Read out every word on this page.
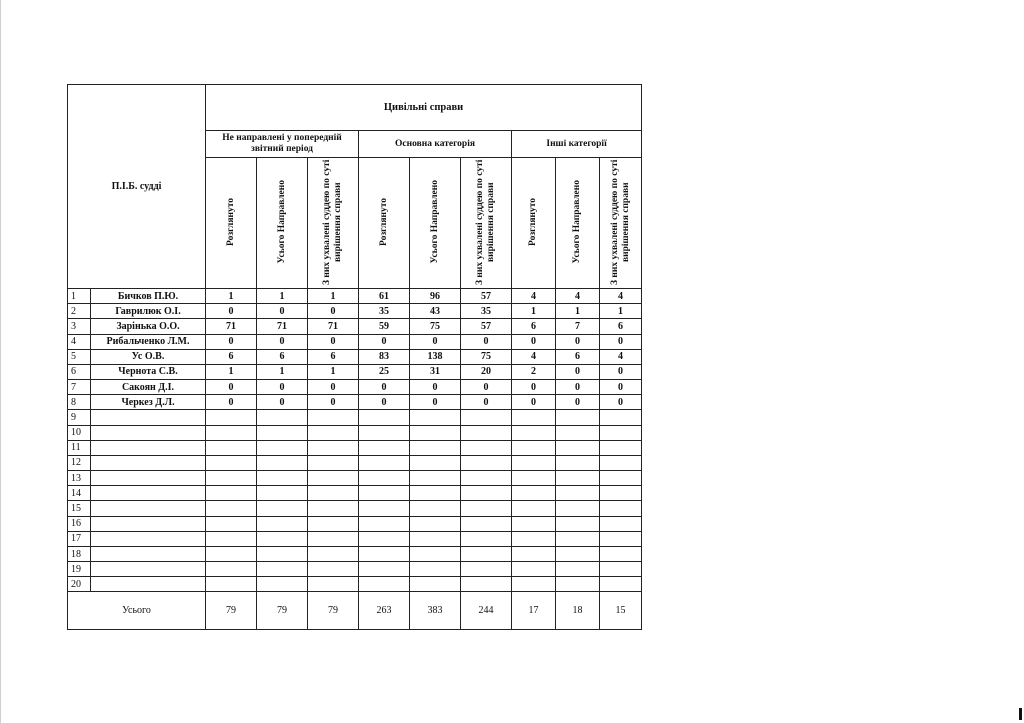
П.І.Б. судді		Цивільні справи								
		Не направлені у попередній звітний період			Основна категорія			Інші категорії		
		Розглянуто	Усього Направлено	З них ухвалені суддею по суті вирішення справи	Розглянуто	Усього Направлено	З них ухвалені суддею по суті вирішення справи	Розглянуто	Усього Направлено	З них ухвалені суддею по суті вирішення справи
1	Бичков П.Ю.	1	1	1	61	96	57	4	4	4
2	Гаврилюк О.І.	0	0	0	35	43	35	1	1	1
3	Зарінька О.О.	71	71	71	59	75	57	6	7	6
4	Рибальченко Л.М.	0	0	0	0	0	0	0	0	0
5	Ус О.В.	6	6	6	83	138	75	4	6	4
6	Чернота С.В.	1	1	1	25	31	20	2	0	0
7	Сакоян Д.І.	0	0	0	0	0	0	0	0	0
8	Черкез Д.Л.	0	0	0	0	0	0	0	0	0
9										
10										
11										
12										
13										
14										
15										
16										
17										
18										
19										
20										
Усього		79	79	79	263	383	244	17	18	15
